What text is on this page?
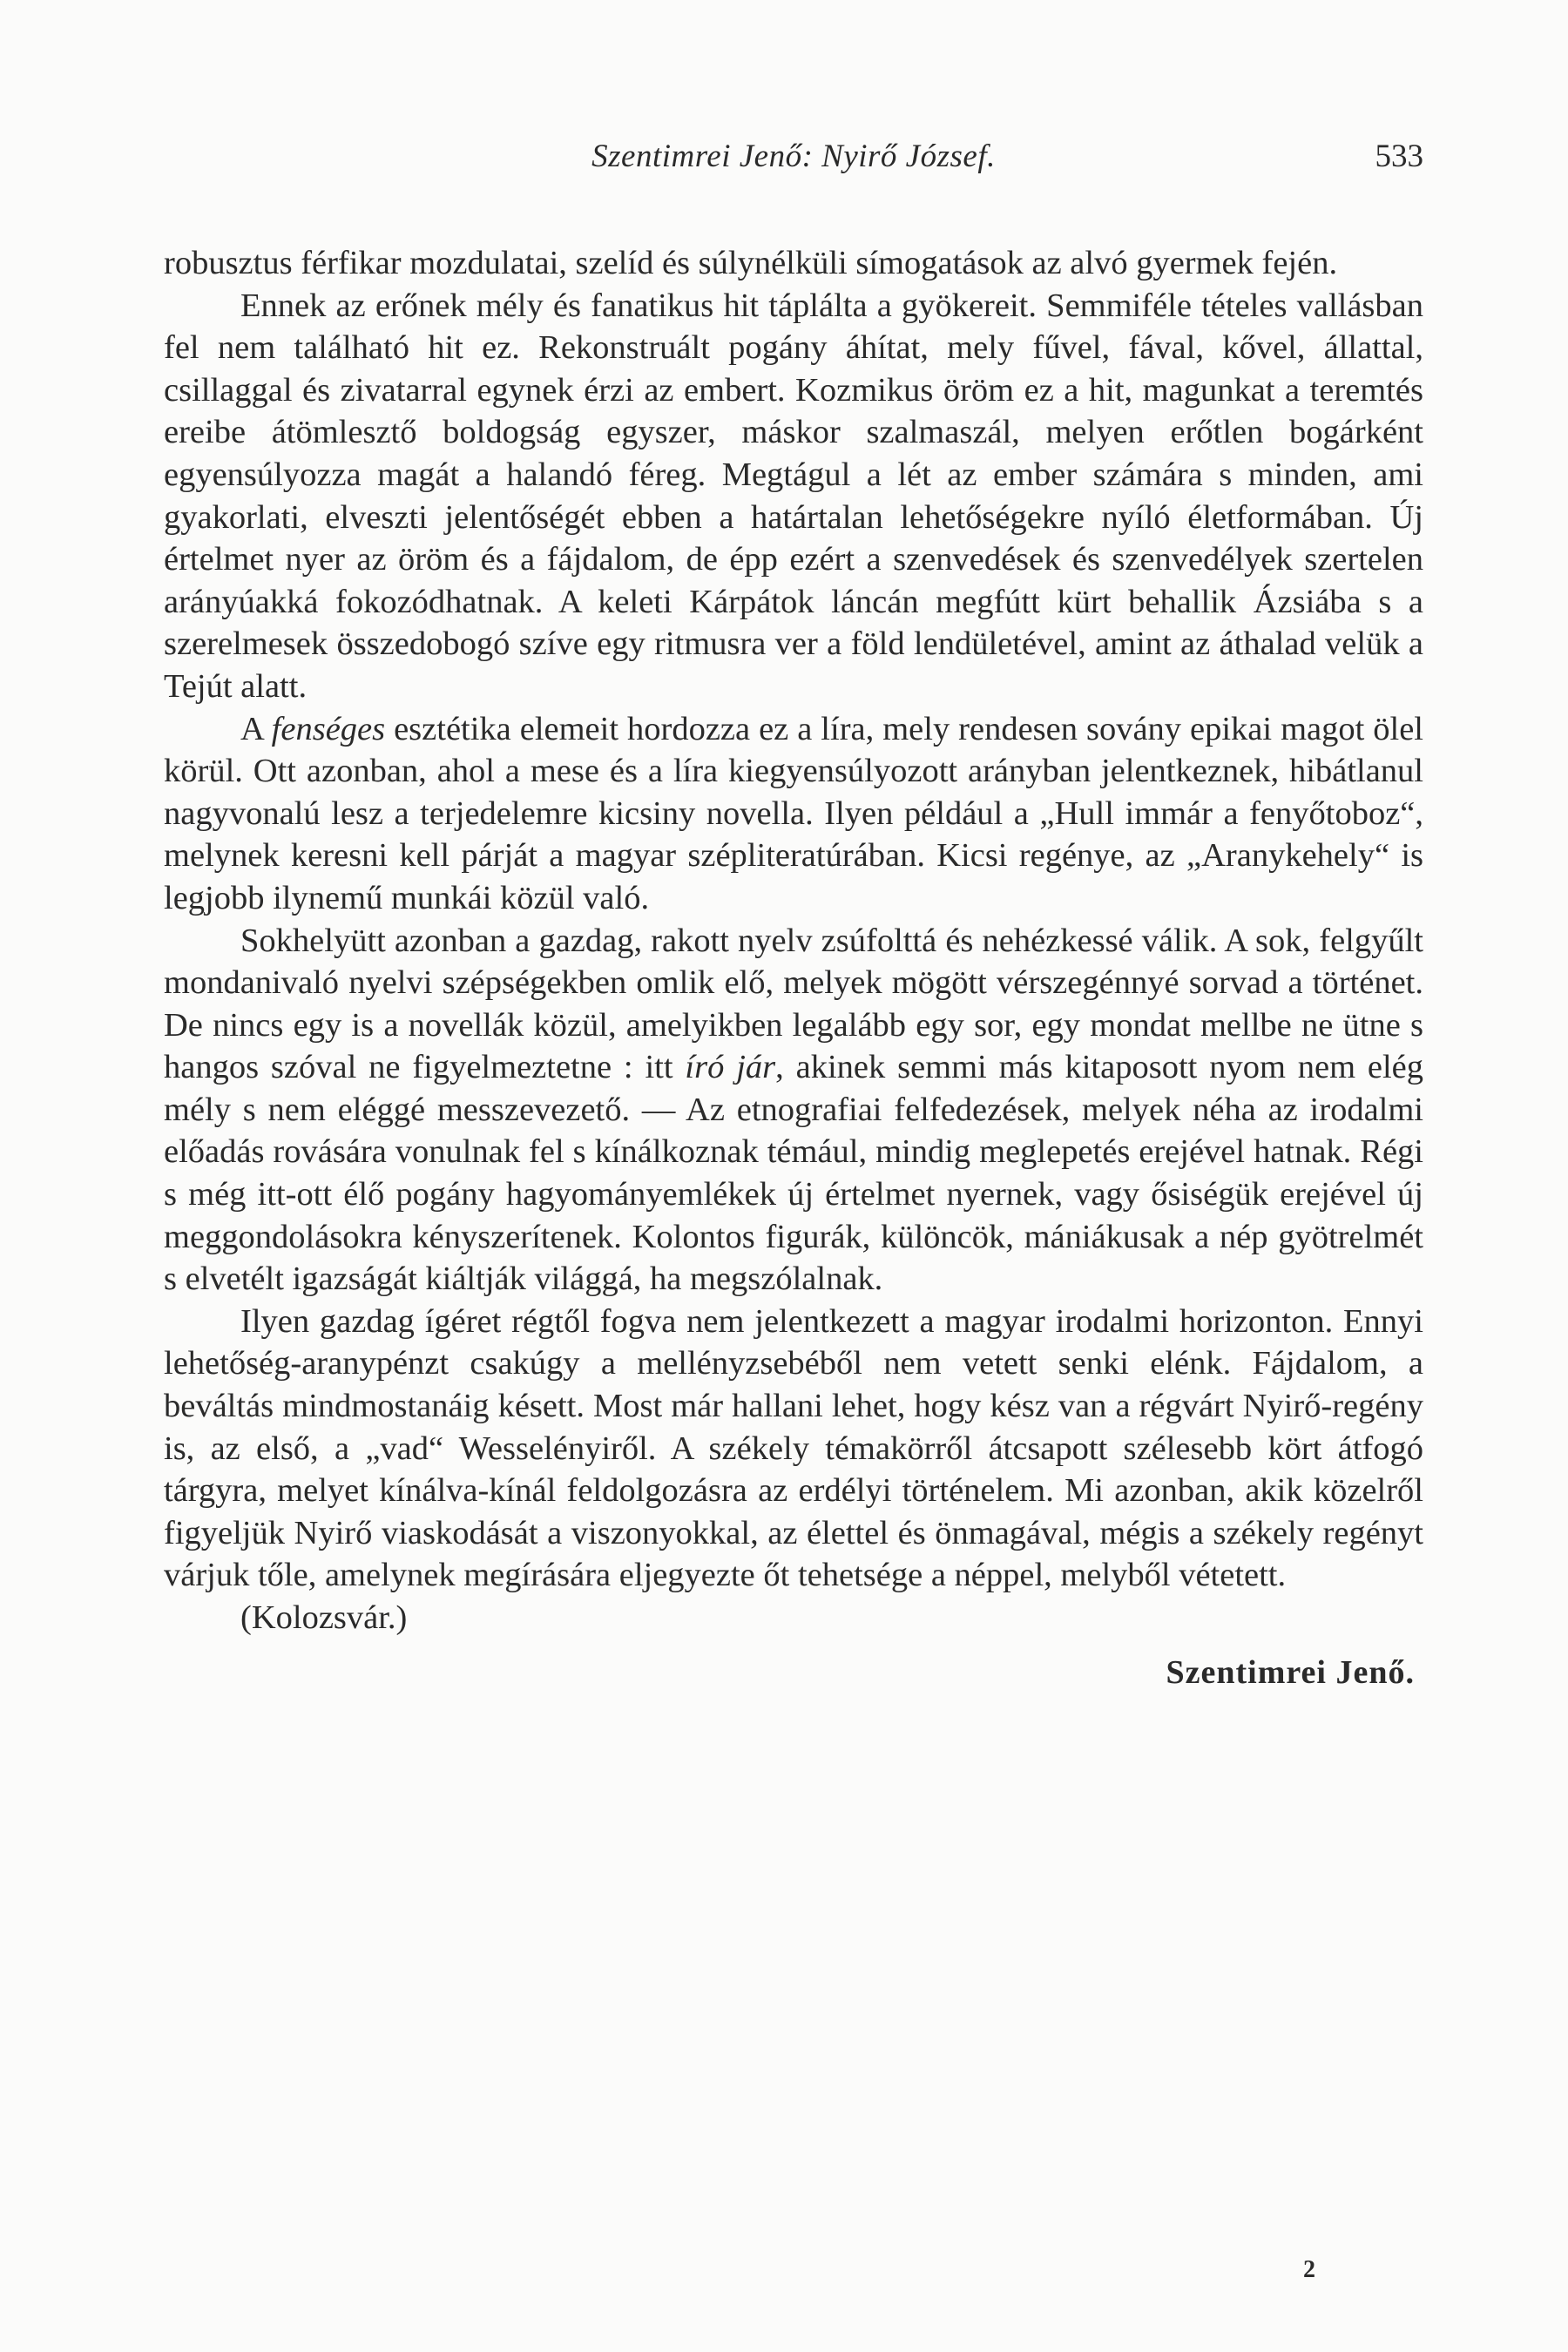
Szentimrei Jenő: Nyirő József.	533

robusztus férfikar mozdulatai, szelíd és súlynélküli símogatások az alvó gyermek fején.

Ennek az erőnek mély és fanatikus hit táplálta a gyökereit. Semmiféle tételes vallásban fel nem található hit ez. Rekonstruált pogány áhítat, mely fűvel, fával, kővel, állattal, csillaggal és zivatarral egynek érzi az embert. Kozmikus öröm ez a hit, magunkat a teremtés ereibe átömlesztő boldogság egyszer, máskor szalmaszál, melyen erőtlen bogárként egyensúlyozza magát a halandó féreg. Megtágul a lét az ember számára s minden, ami gyakorlati, elveszti jelentőségét ebben a határtalan lehetőségekre nyíló életformában. Új értelmet nyer az öröm és a fájdalom, de épp ezért a szenvedések és szenvedélyek szertelen arányúakká fokozódhatnak. A keleti Kárpátok láncán megfútt kürt behallik Ázsiába s a szerelmesek összedobogó szíve egy ritmusra ver a föld lendületével, amint az áthalad velük a Tejút alatt.

A fenséges esztétika elemeit hordozza ez a líra, mely rendesen sovány epikai magot ölel körül. Ott azonban, ahol a mese és a líra kiegyensúlyozott arányban jelentkeznek, hibátlanul nagyvonalú lesz a terjedelemre kicsiny novella. Ilyen például a „Hull immár a fenyőtoboz“, melynek keresni kell párját a magyar szépliteratúrában. Kicsi regénye, az „Aranykehely“ is legjobb ilynemű munkái közül való.

Sokhelyütt azonban a gazdag, rakott nyelv zsúfolttá és nehézkessé válik. A sok, felgyűlt mondanivaló nyelvi szépségekben omlik elő, melyek mögött vérszegénnyé sorvad a történet. De nincs egy is a novellák közül, amelyikben legalább egy sor, egy mondat mellbe ne ütne s hangos szóval ne figyelmeztetne : itt író jár, akinek semmi más kitaposott nyom nem elég mély s nem eléggé messzevezető. — Az etnografiai felfedezések, melyek néha az irodalmi előadás rovására vonulnak fel s kínálkoznak témául, mindig meglepetés erejével hatnak. Régi s még itt-ott élő pogány hagyományemlékek új értelmet nyernek, vagy ősiségük erejével új meggondolásokra kényszerítenek. Kolontos figurák, különcök, mániákusak a nép gyötrelmét s elvetélt igazságát kiáltják világgá, ha megszólalnak.

Ilyen gazdag ígéret régtől fogva nem jelentkezett a magyar irodalmi horizonton. Ennyi lehetőség-aranypénzt csakúgy a mellényzsebéből nem vetett senki elénk. Fájdalom, a beváltás mindmostanáig késett. Most már hallani lehet, hogy kész van a régvárt Nyirő-regény is, az első, a „vad“ Wesselényiről. A székely témakörről átcsapott szélesebb kört átfogó tárgyra, melyet kínálva-kínál feldolgozásra az erdélyi történelem. Mi azonban, akik közelről figyeljük Nyirő viaskodását a viszonyokkal, az élettel és önmagával, mégis a székely regényt várjuk tőle, amelynek megírására eljegyezte őt tehetsége a néppel, melyből vétetett.

(Kolozsvár.)

Szentimrei Jenő.
2
